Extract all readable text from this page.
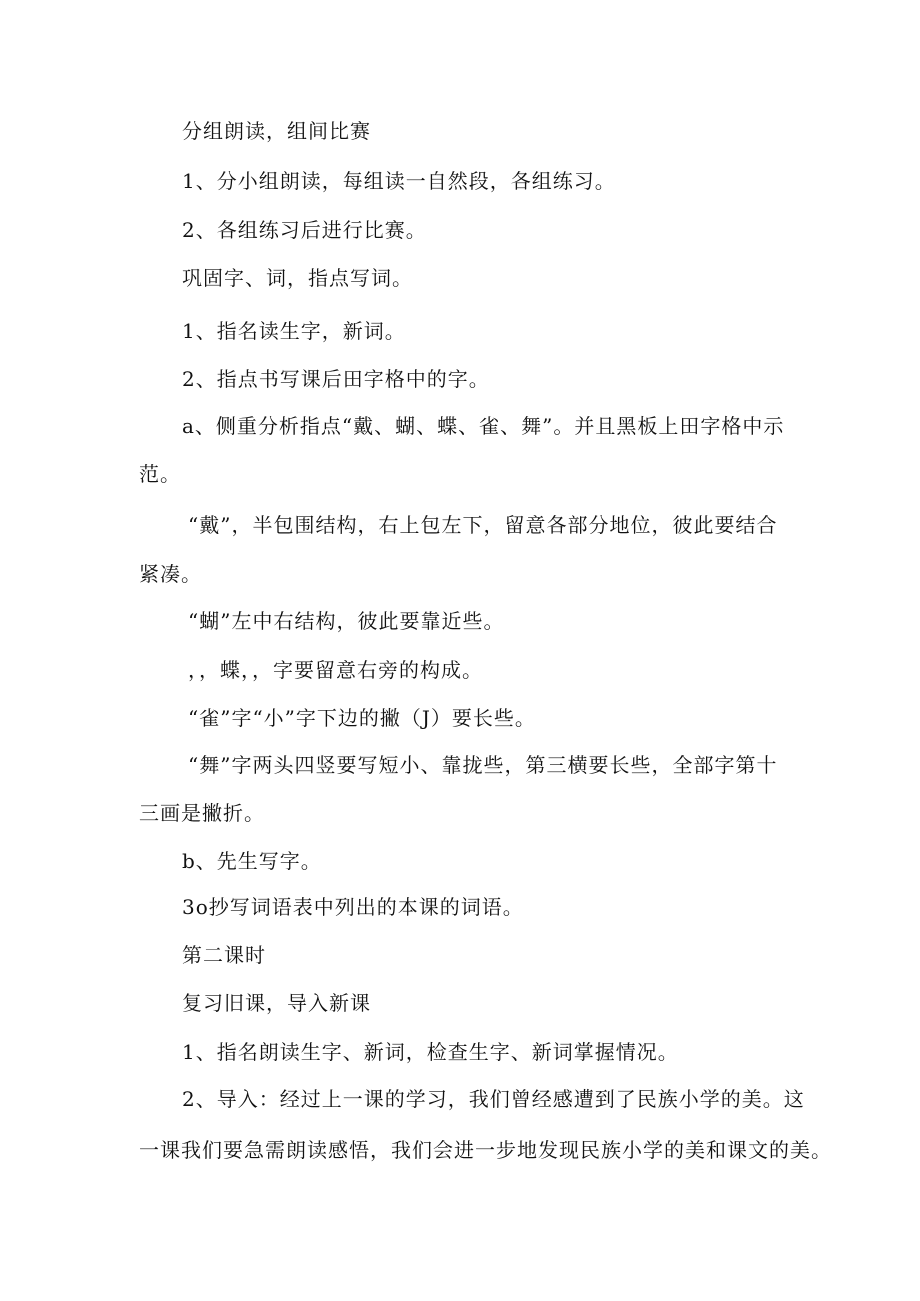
分组朗读，组间比赛
1、分小组朗读，每组读一自然段，各组练习。
2、各组练习后进行比赛。
巩固字、词，指点写词。
1、指名读生字，新词。
2、指点书写课后田字格中的字。
a、侧重分析指点“戴、蝴、蝶、雀、舞”。并且黑板上田字格中示
范。
“戴”，半包围结构，右上包左下，留意各部分地位，彼此要结合
紧凑。
“蝴”左中右结构，彼此要靠近些。
，，蝶，，字要留意右旁的构成。
“雀”字“小”字下边的撇（J）要长些。
“舞”字两头四竖要写短小、靠拢些，第三横要长些，全部字第十
三画是撇折。
b、先生写字。
3o抄写词语表中列出的本课的词语。
第二课时
复习旧课，导入新课
1、指名朗读生字、新词，检查生字、新词掌握情况。
2、导入：经过上一课的学习，我们曾经感遭到了民族小学的美。这
一课我们要急需朗读感悟，我们会进一步地发现民族小学的美和课文的美。
